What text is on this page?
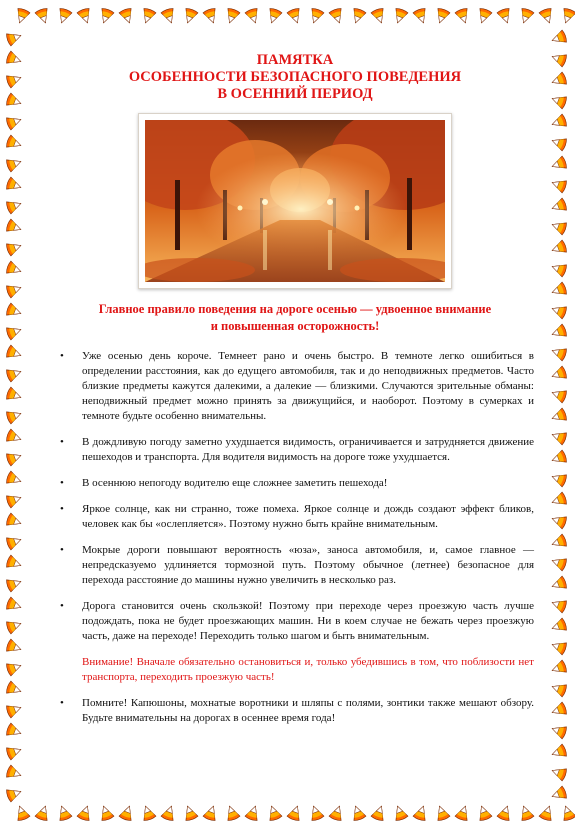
ПАМЯТКА
ОСОБЕННОСТИ БЕЗОПАСНОГО ПОВЕДЕНИЯ
В ОСЕННИЙ ПЕРИОД
Главное правило поведения на дороге осенью — удвоенное внимание
и повышенная осторожность!
• Уже осенью день короче. Темнеет рано и очень быстро. В темноте легко ошибиться в определении расстояния, как до едущего автомобиля, так и до неподвижных предметов. Часто близкие предметы кажутся далекими, а далекие — близкими. Случаются зрительные обманы: неподвижный предмет можно принять за движущийся, и наоборот. Поэтому в сумерках и темноте будьте особенно внимательны.
• В дождливую погоду заметно ухудшается видимость, ограничивается и затрудняется движение пешеходов и транспорта. Для водителя видимость на дороге тоже ухудшается.
• В осеннюю непогоду водителю еще сложнее заметить пешехода!
• Яркое солнце, как ни странно, тоже помеха. Яркое солнце и дождь создают эффект бликов, человек как бы «ослепляется». Поэтому нужно быть крайне внимательным.
• Мокрые дороги повышают вероятность «юза», заноса автомобиля, и, самое главное — непредсказуемо удлиняется тормозной путь. Поэтому обычное (летнее) безопасное для перехода расстояние до машины нужно увеличить в несколько раз.
• Дорога становится очень скользкой! Поэтому при переходе через проезжую часть лучше подождать, пока не будет проезжающих машин. Ни в коем случае не бежать через проезжую часть, даже на переходе! Переходить только шагом и быть внимательным.
Внимание! Вначале обязательно остановиться и, только убедившись в том, что поблизости нет транспорта, переходить проезжую часть!
• Помните! Капюшоны, мохнатые воротники и шляпы с полями, зонтики также мешают обзору. Будьте внимательны на дорогах в осеннее время года!
